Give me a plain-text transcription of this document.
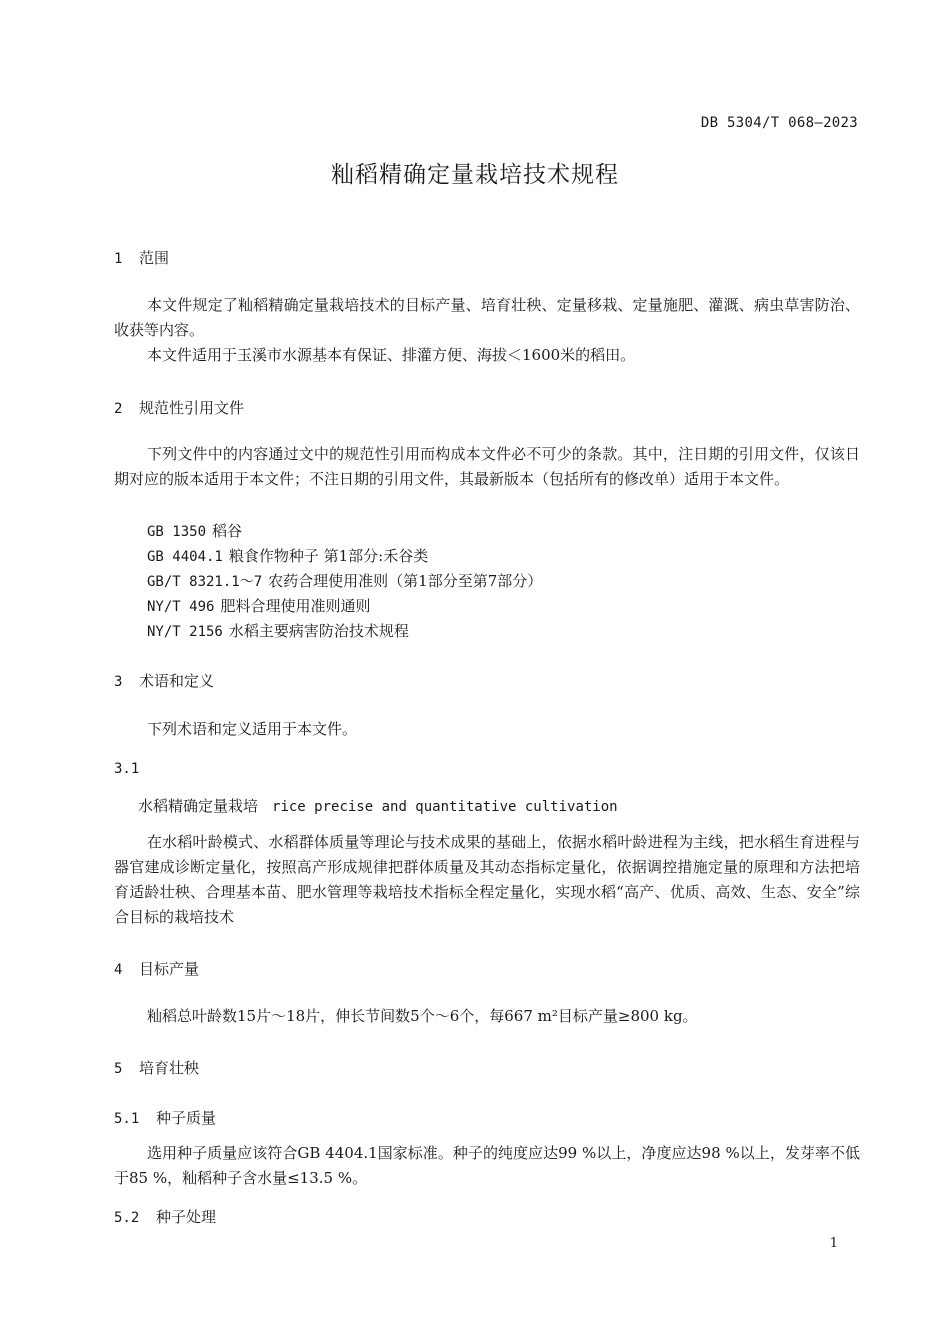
DB 5304/T 068—2023
籼稻精确定量栽培技术规程
1 范围

本文件规定了籼稻精确定量栽培技术的目标产量、培育壮秧、定量移栽、定量施肥、灌溉、病虫草害防治、收获等内容。

本文件适用于玉溪市水源基本有保证、排灌方便、海拔＜1600米的稻田。

2 规范性引用文件

下列文件中的内容通过文中的规范性引用而构成本文件必不可少的条款。其中，注日期的引用文件，仅该日期对应的版本适用于本文件；不注日期的引用文件，其最新版本（包括所有的修改单）适用于本文件。

GB 1350 稻谷
GB 4404.1 粮食作物种子 第1部分:禾谷类
GB/T 8321.1～7 农药合理使用准则（第1部分至第7部分）
NY/T 496 肥料合理使用准则通则
NY/T 2156 水稻主要病害防治技术规程
3 术语和定义

下列术语和定义适用于本文件。

3.1
水稻精确定量栽培 rice precise and quantitative cultivation

在水稻叶龄模式、水稻群体质量等理论与技术成果的基础上，依据水稻叶龄进程为主线，把水稻生育进程与器官建成诊断定量化，按照高产形成规律把群体质量及其动态指标定量化，依据调控措施定量的原理和方法把培育适龄壮秧、合理基本苗、肥水管理等栽培技术指标全程定量化，实现水稻“高产、优质、高效、生态、安全”综合目标的栽培技术

4 目标产量

籼稻总叶龄数15片～18片，伸长节间数5个～6个，每667 m²目标产量≥800 kg。

5 培育壮秧
5.1 种子质量

选用种子质量应该符合GB 4404.1国家标准。种子的纯度应达99 %以上，净度应达98 %以上，发芽率不低于85 %，籼稻种子含水量≤13.5 %。

5.2 种子处理
1
